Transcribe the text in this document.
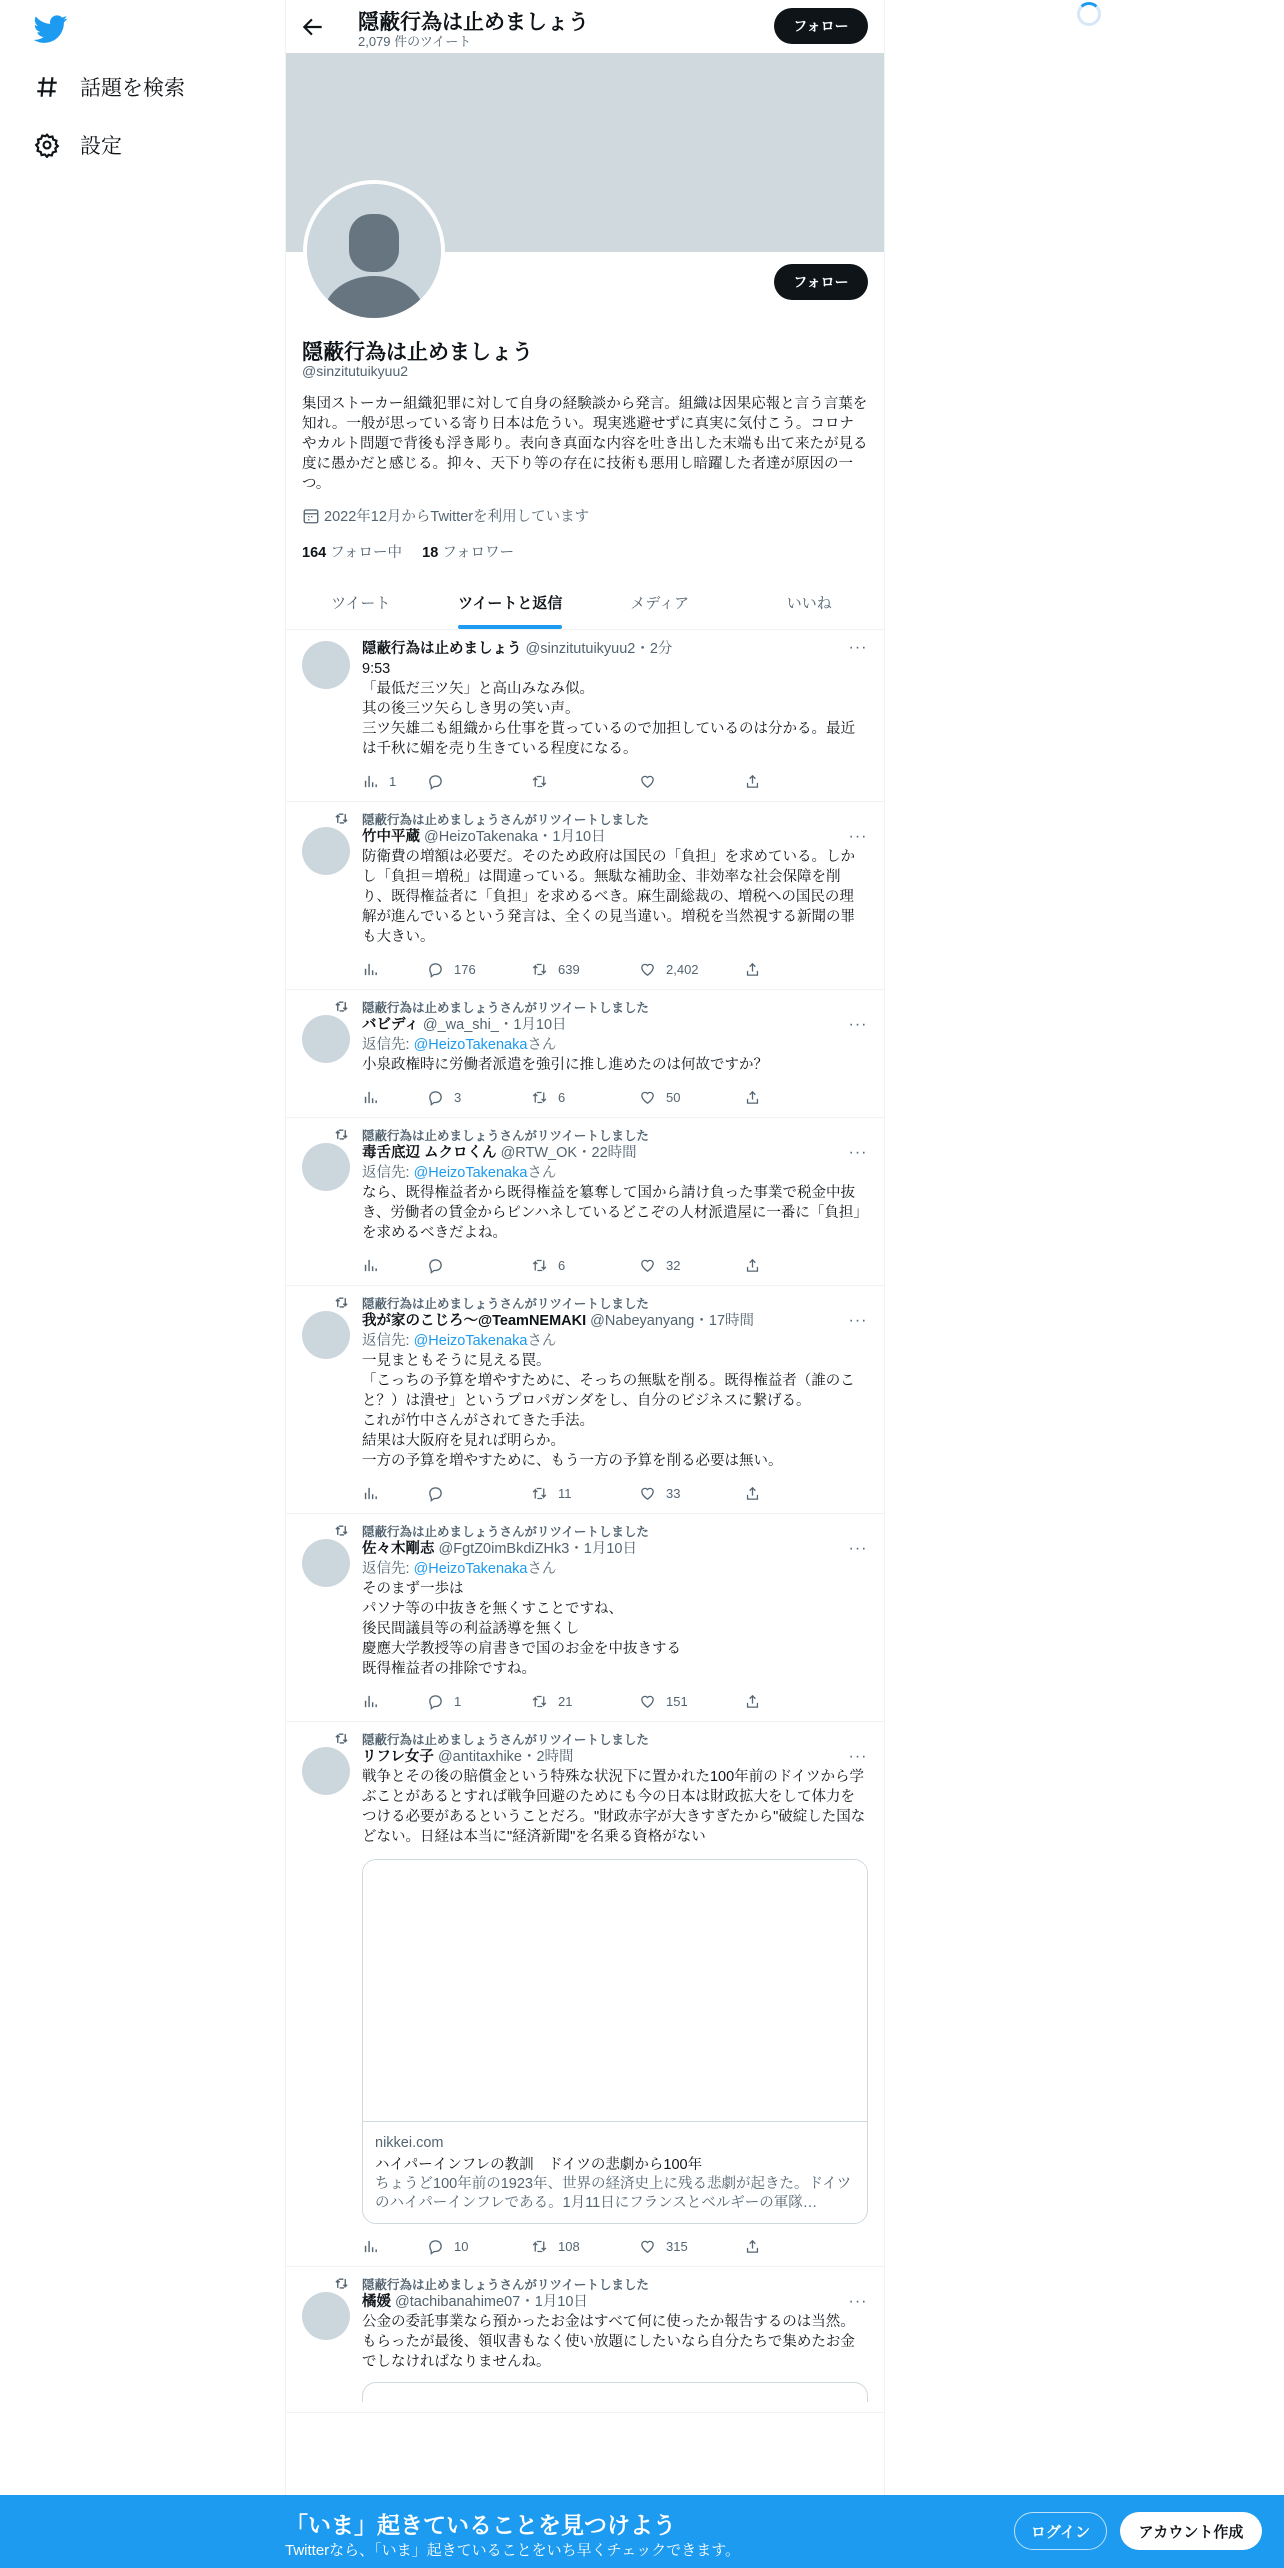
話題を検索
設定
隠蔽行為は止めましょう
2,079 件のツイート
フォロー
フォロー
隠蔽行為は止めましょう
@sinzitutuikyuu2
集団ストーカー組織犯罪に対して自身の経験談から発言。組織は因果応報と言う言葉を知れ。一般が思っている寄り日本は危うい。現実逃避せずに真実に気付こう。コロナやカルト問題で背後も浮き彫り。表向き真面な内容を吐き出した末端も出て来たが見る度に愚かだと感じる。抑々、天下り等の存在に技術も悪用し暗躍した者達が原因の一つ。
2022年12月からTwitterを利用しています
164 フォロー中 18 フォロワー
ツイート	ツイートと返信	メディア	いいね
···
隠蔽行為は止めましょう @sinzitutuikyuu2・2分
9:53
「最低だ三ツ矢」と高山みなみ似。
其の後三ツ矢らしき男の笑い声。
三ツ矢雄二も組織から仕事を貰っているので加担しているのは分かる。最近は千秋に媚を売り生きている程度になる。
1
···
隠蔽行為は止めましょうさんがリツイートしました
竹中平蔵 @HeizoTakenaka・1月10日
防衛費の増額は必要だ。そのため政府は国民の「負担」を求めている。しかし「負担＝増税」は間違っている。無駄な補助金、非効率な社会保障を削り、既得権益者に「負担」を求めるべき。麻生副総裁の、増税への国民の理解が進んでいるという発言は、全くの見当違い。増税を当然視する新聞の罪も大きい。
176	639	2,402
···
隠蔽行為は止めましょうさんがリツイートしました
バビディ @_wa_shi_・1月10日
返信先: @HeizoTakenakaさん
小泉政権時に労働者派遣を強引に推し進めたのは何故ですか？
3	6	50
···
隠蔽行為は止めましょうさんがリツイートしました
毒舌底辺 ムクロくん @RTW_OK・22時間
返信先: @HeizoTakenakaさん
なら、既得権益者から既得権益を簒奪して国から請け負った事業で税金中抜き、労働者の賃金からピンハネしているどこぞの人材派遣屋に一番に「負担」を求めるべきだよね。
6	32
···
隠蔽行為は止めましょうさんがリツイートしました
我が家のこじろ〜@TeamNEMAKI @Nabeyanyang・17時間
返信先: @HeizoTakenakaさん
一見まともそうに見える罠。
「こっちの予算を増やすために、そっちの無駄を削る。既得権益者（誰のこと？）は潰せ」というプロパガンダをし、自分のビジネスに繋げる。
これが竹中さんがされてきた手法。
結果は大阪府を見れば明らか。
一方の予算を増やすために、もう一方の予算を削る必要は無い。
11	33
···
隠蔽行為は止めましょうさんがリツイートしました
佐々木剛志 @FgtZ0imBkdiZHk3・1月10日
返信先: @HeizoTakenakaさん
そのまず一歩は
パソナ等の中抜きを無くすことですね、
後民間議員等の利益誘導を無くし
慶應大学教授等の肩書きで国のお金を中抜きする
既得権益者の排除ですね。
1	21	151
···
隠蔽行為は止めましょうさんがリツイートしました
リフレ女子 @antitaxhike・2時間
戦争とその後の賠償金という特殊な状況下に置かれた100年前のドイツから学ぶことがあるとすれば戦争回避のためにも今の日本は財政拡大をして体力をつける必要があるということだろ。"財政赤字が大きすぎたから"破綻した国などない。日経は本当に"経済新聞"を名乗る資格がない
nikkei.com
ハイパーインフレの教訓　ドイツの悲劇から100年
ちょうど100年前の1923年、世界の経済史上に残る悲劇が起きた。ドイツのハイパーインフレである。1月11日にフランスとベルギーの軍隊…
10	108	315
···
隠蔽行為は止めましょうさんがリツイートしました
橘媛 @tachibanahime07・1月10日
公金の委託事業なら預かったお金はすべて何に使ったか報告するのは当然。
もらったが最後、領収書もなく使い放題にしたいなら自分たちで集めたお金でしなければなりませんね。
「いま」起きていることを見つけよう
Twitterなら、「いま」起きていることをいち早くチェックできます。
ログイン	アカウント作成
